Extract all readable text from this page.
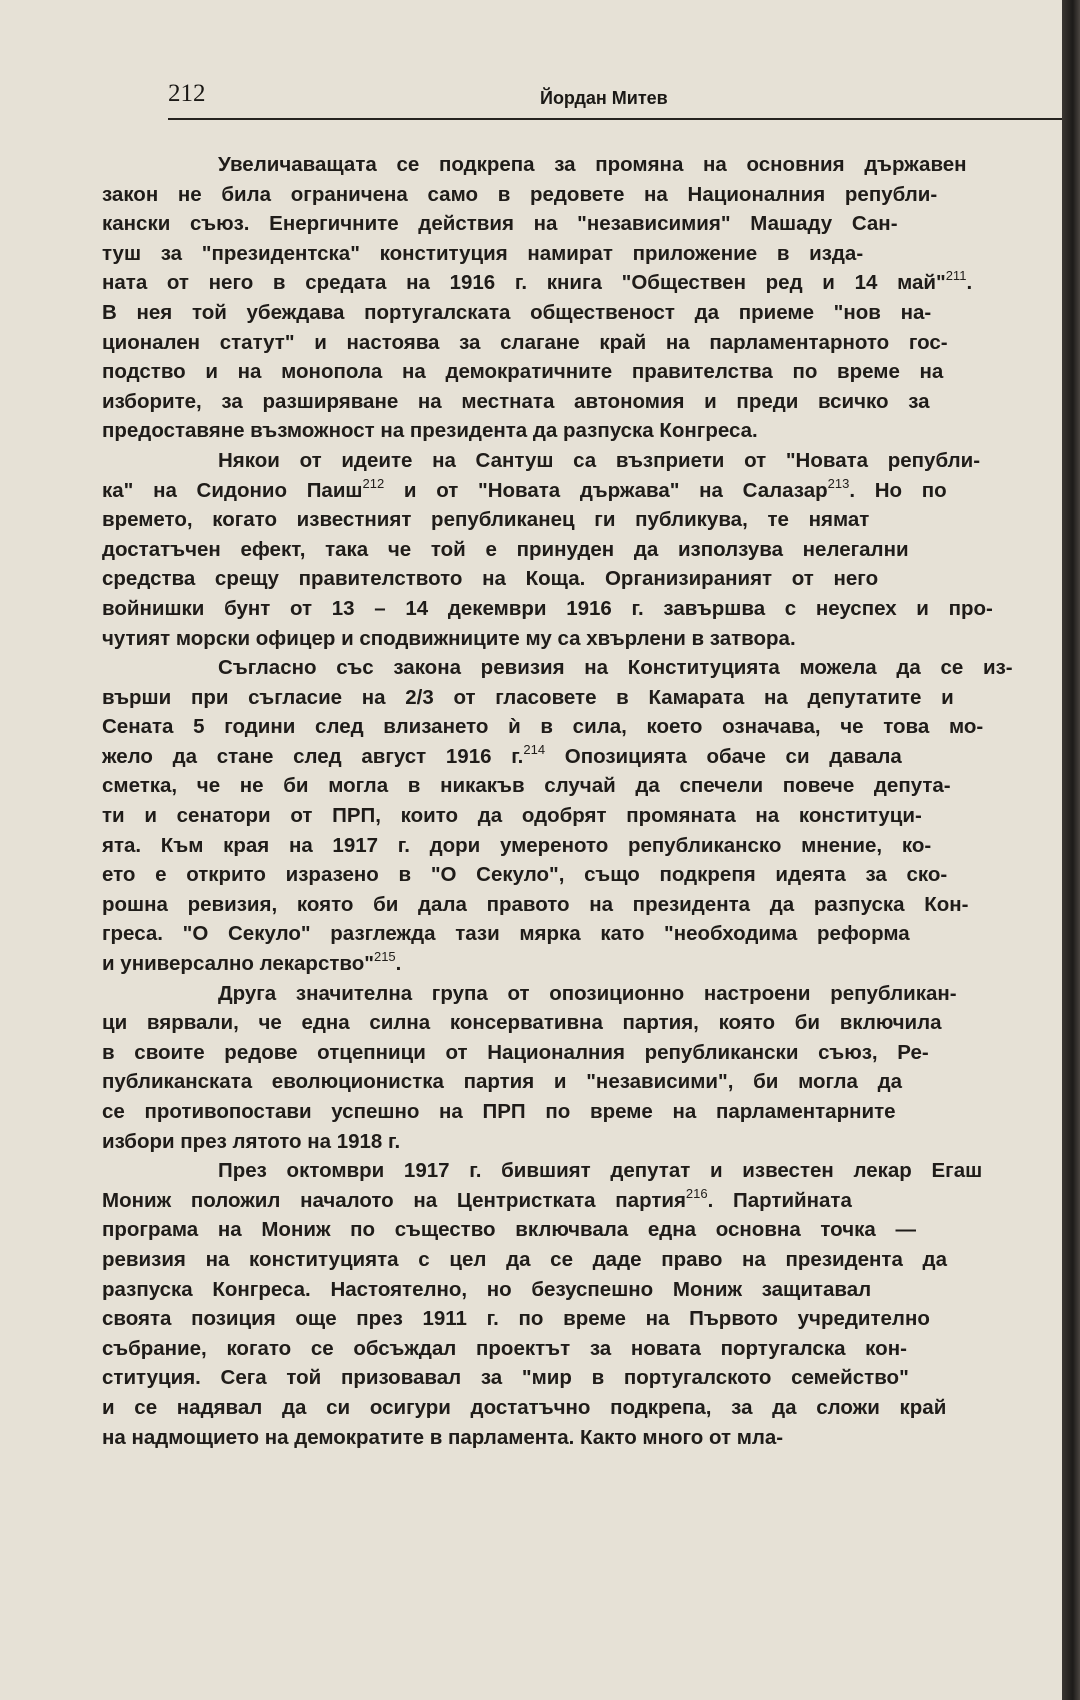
212	Йордан Митев

Увеличаващата се подкрепа за промяна на основния държавен
закон не била ограничена само в редовете на Националния републи-
кански съюз. Енергичните действия на "независимия" Машаду Сан-
туш за "президентска" конституция намират приложение в изда-
ната от него в средата на 1916 г. книга "Обществен ред и 14 май"$^{211}$.
В нея той убеждава португалската общественост да приеме "нов на-
ционален статут" и настоява за слагане край на парламентарното гос-
подство и на монопола на демократичните правителства по време на
изборите, за разширяване на местната автономия и преди всичко за
предоставяне възможност на президента да разпуска Конгреса.

Някои от идеите на Сантуш са възприети от "Новата републи-
ка" на Сидонио Паиш$^{212}$ и от "Новата държава" на Салазар$^{213}$. Но по
времето, когато известният републиканец ги публикува, те нямат
достатъчен ефект, така че той е принуден да използува нелегални
средства срещу правителството на Коща. Организираният от него
войнишки бунт от 13 – 14 декември 1916 г. завършва с неуспех и про-
чутият морски офицер и сподвижниците му са хвърлени в затвора.

Съгласно със закона ревизия на Конституцията можела да се из-
върши при съгласие на 2/3 от гласовете в Камарата на депутатите и
Сената 5 години след влизането ѝ в сила, което означава, че това мо-
жело да стане след август 1916 г.$^{214}$ Опозицията обаче си давала
сметка, че не би могла в никакъв случай да спечели повече депута-
ти и сенатори от ПРП, които да одобрят промяната на конституци-
ята. Към края на 1917 г. дори умереното републиканско мнение, ко-
ето е открито изразено в "О Секуло", също подкрепя идеята за ско-
рошна ревизия, която би дала правото на президента да разпуска Кон-
греса. "О Секуло" разглежда тази мярка като "необходима реформа
и универсално лекарство"$^{215}$.

Друга значителна група от опозиционно настроени републикан-
ци вярвали, че една силна консервативна партия, която би включила
в своите редове отцепници от Националния републикански съюз, Ре-
публиканската еволюционистка партия и "независими", би могла да
се противопостави успешно на ПРП по време на парламентарните
избори през лятото на 1918 г.

През октомври 1917 г. бившият депутат и известен лекар Егаш
Мониж положил началото на Центристката партия$^{216}$. Партийната
програма на Мониж по същество включвала една основна точка —
ревизия на конституцията с цел да се даде право на президента да
разпуска Конгреса. Настоятелно, но безуспешно Мониж защитавал
своята позиция още през 1911 г. по време на Първото учредително
събрание, когато се обсъждал проектът за новата португалска кон-
ституция. Сега той призовавал за "мир в португалското семейство"
и се надявал да си осигури достатъчно подкрепа, за да сложи край
на надмощието на демократите в парламента. Както много от мла-
